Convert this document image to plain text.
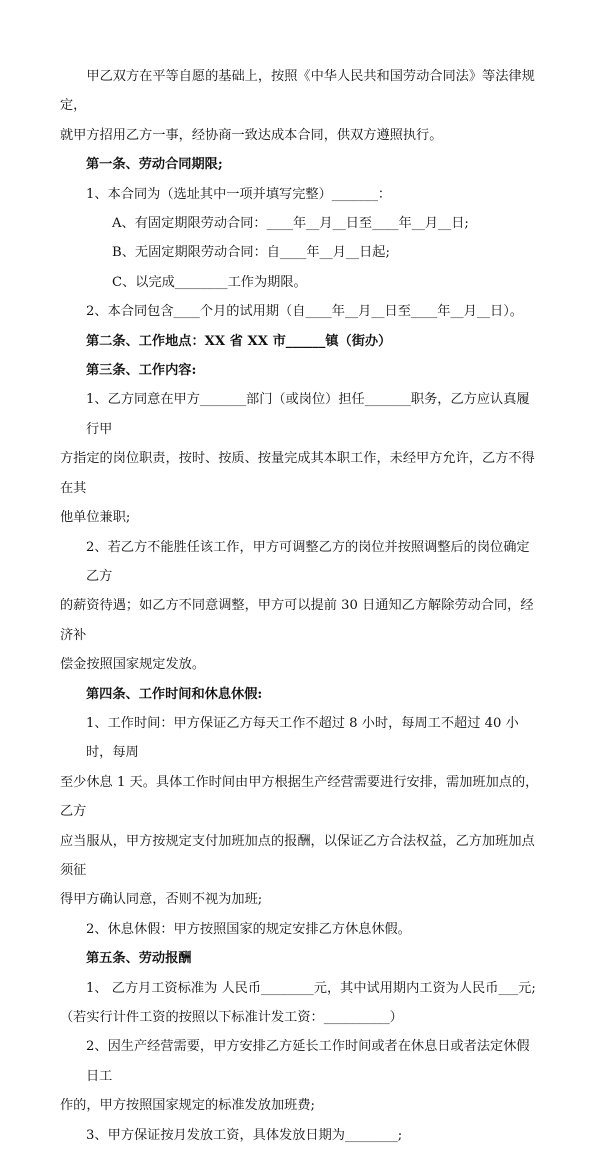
甲乙双方在平等自愿的基础上，按照《中华人民共和国劳动合同法》等法律规定，

就甲方招用乙方一事，经协商一致达成本合同，供双方遵照执行。

第一条、劳动合同期限;

1、本合同为（选址其中一项并填写完整）_______：

A、有固定期限劳动合同：____年__月__日至____年__月__日;

B、无固定期限劳动合同：自____年__月__日起;

C、以完成________工作为期限。

2、本合同包含____个月的试用期（自____年__月__日至____年__月__日）。

第二条、工作地点：XX 省 XX 市______镇（街办）

第三条、工作内容:

1、乙方同意在甲方_______部门（或岗位）担任_______职务，乙方应认真履行甲

方指定的岗位职责，按时、按质、按量完成其本职工作，未经甲方允许，乙方不得在其

他单位兼职;

2、若乙方不能胜任该工作，甲方可调整乙方的岗位并按照调整后的岗位确定乙方

的薪资待遇；如乙方不同意调整，甲方可以提前 30 日通知乙方解除劳动合同，经济补

偿金按照国家规定发放。

第四条、工作时间和休息休假:

1、工作时间：甲方保证乙方每天工作不超过 8 小时，每周工不超过 40 小时，每周

至少休息 1 天。具体工作时间由甲方根据生产经营需要进行安排，需加班加点的，乙方

应当服从，甲方按规定支付加班加点的报酬，以保证乙方合法权益，乙方加班加点须征

得甲方确认同意，否则不视为加班;

2、休息休假：甲方按照国家的规定安排乙方休息休假。

第五条、劳动报酬

1、 乙方月工资标准为 人民币________元，其中试用期内工资为人民币___元;

（若实行计件工资的按照以下标准计发工资：__________）

2、因生产经营需要，甲方安排乙方延长工作时间或者在休息日或者法定休假日工

作的，甲方按照国家规定的标准发放加班费;

3、甲方保证按月发放工资，具体发放日期为________;
